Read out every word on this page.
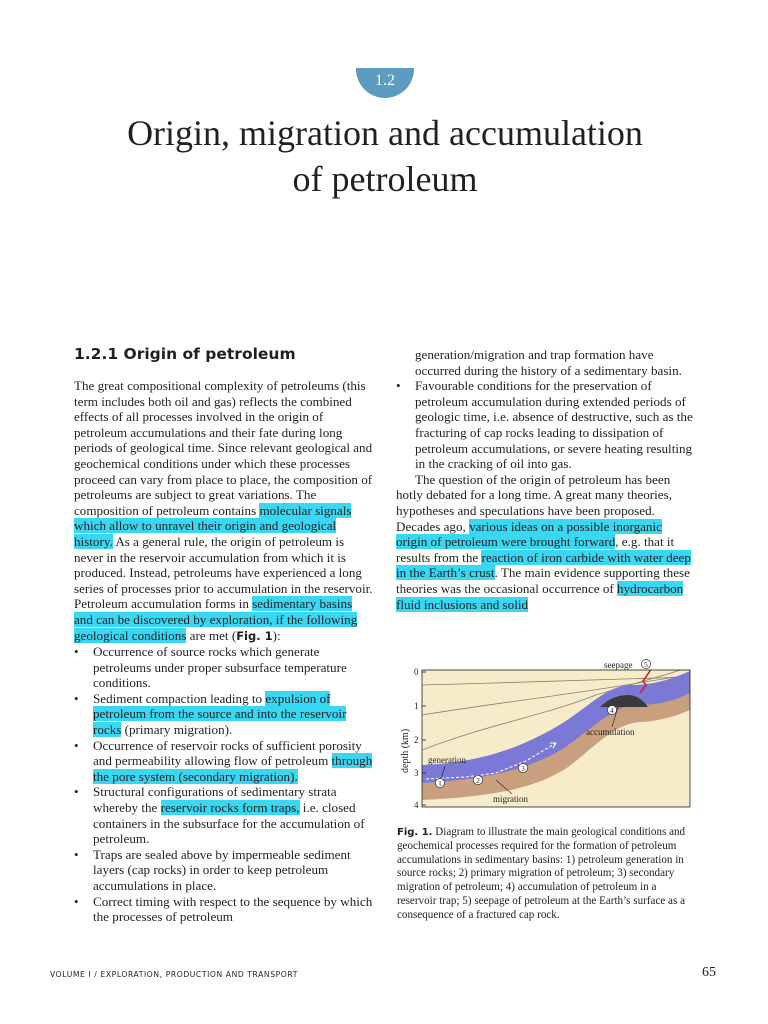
1.2
Origin, migration and accumulation
of petroleum
1.2.1 Origin of petroleum

The great compositional complexity of petroleums (this term includes both oil and gas) reflects the combined effects of all processes involved in the origin of petroleum accumulations and their fate during long periods of geological time. Since relevant geological and geochemical conditions under which these processes proceed can vary from place to place, the composition of petroleums are subject to great variations. The composition of petroleum contains molecular signals which allow to unravel their origin and geological history. As a general rule, the origin of petroleum is never in the reservoir accumulation from which it is produced. Instead, petroleums have experienced a long series of processes prior to accumulation in the reservoir. Petroleum accumulation forms in sedimentary basins and can be discovered by exploration, if the following geological conditions are met (Fig. 1):

• Occurrence of source rocks which generate petroleums under proper subsurface temperature conditions.
• Sediment compaction leading to expulsion of petroleum from the source and into the reservoir rocks (primary migration).
• Occurrence of reservoir rocks of sufficient porosity and permeability allowing flow of petroleum through the pore system (secondary migration).
• Structural configurations of sedimentary strata whereby the reservoir rocks form traps, i.e. closed containers in the subsurface for the accumulation of petroleum.
• Traps are sealed above by impermeable sediment layers (cap rocks) in order to keep petroleum accumulations in place.
• Correct timing with respect to the sequence by which the processes of petroleum

generation/migration and trap formation have occurred during the history of a sedimentary basin.

• Favourable conditions for the preservation of petroleum accumulation during extended periods of geologic time, i.e. absence of destructive, such as the fracturing of cap rocks leading to dissipation of petroleum accumulations, or severe heating resulting in the cracking of oil into gas.

The question of the origin of petroleum has been hotly debated for a long time. A great many theories, hypotheses and speculations have been proposed. Decades ago, various ideas on a possible inorganic origin of petroleum were brought forward, e.g. that it results from the reaction of iron carbide with water deep in the Earth’s crust. The main evidence supporting these theories was the occasional occurrence of hydrocarbon fluid inclusions and solid

0
1
2
3
4
depth (km)
seepage
accumulation
generation
migration
1	2
3
4
5
Fig. 1. Diagram to illustrate the main geological conditions and geochemical processes required for the formation of petroleum accumulations in sedimentary basins: 1) petroleum generation in source rocks; 2) primary migration of petroleum; 3) secondary migration of petroleum; 4) accumulation of petroleum in a reservoir trap; 5) seepage of petroleum at the Earth’s surface as a consequence of a fractured cap rock.
VOLUME I / EXPLORATION, PRODUCTION AND TRANSPORT	65
